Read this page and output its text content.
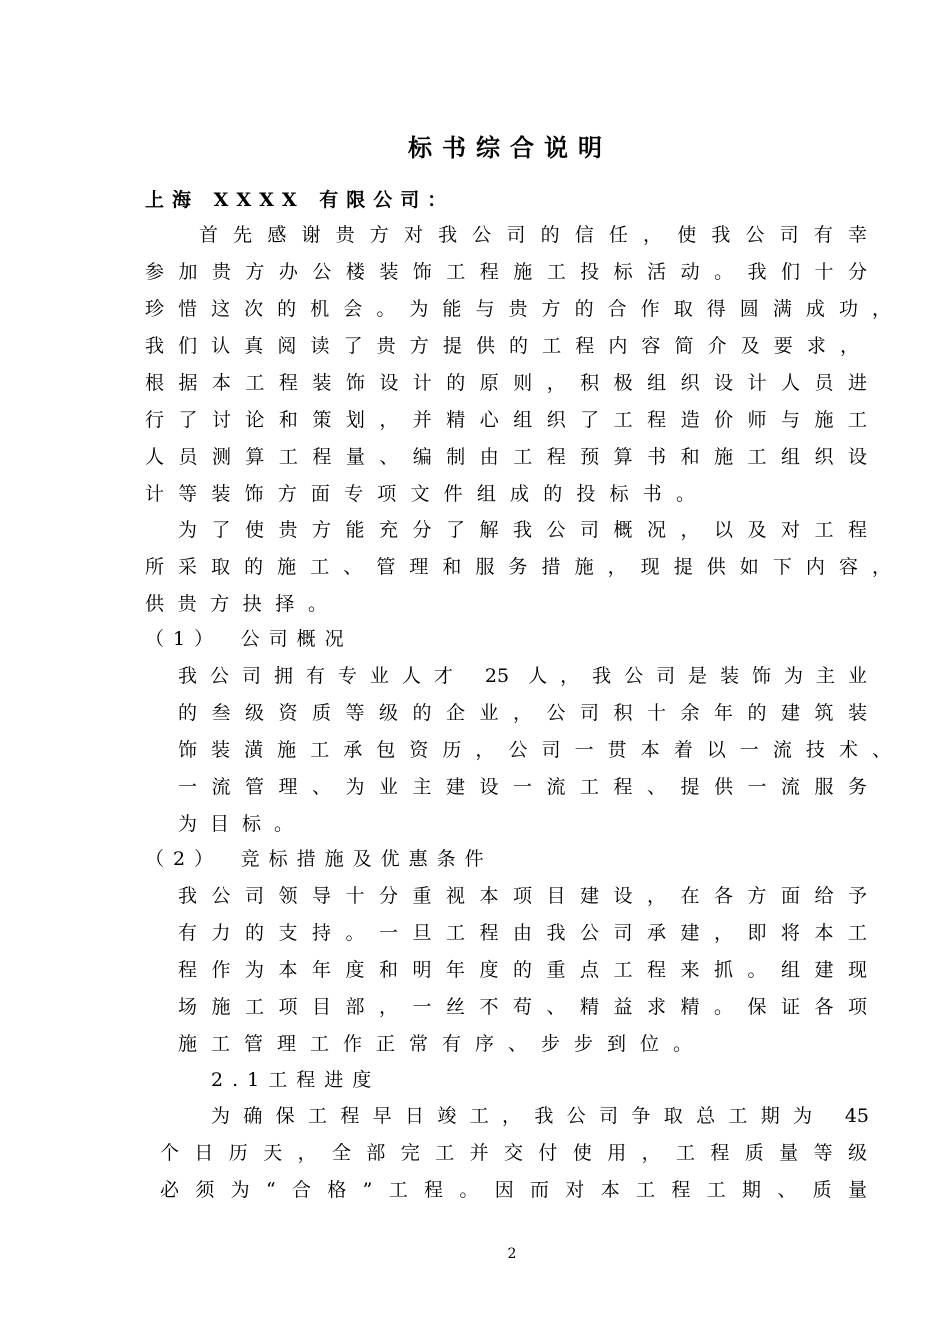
标书综合说明
上海 XXXX 有限公司：
首先感谢贵方对我公司的信任，使我公司有幸
参加贵方办公楼装饰工程施工投标活动。我们十分
珍惜这次的机会。为能与贵方的合作取得圆满成功，
我们认真阅读了贵方提供的工程内容简介及要求，
根据本工程装饰设计的原则，积极组织设计人员进
行了讨论和策划，并精心组织了工程造价师与施工
人员测算工程量、编制由工程预算书和施工组织设
计等装饰方面专项文件组成的投标书。
为了使贵方能充分了解我公司概况，以及对工程
所采取的施工、管理和服务措施，现提供如下内容，
供贵方抉择。
（1）　公司概况
我公司拥有专业人才 25 人，我公司是装饰为主业
的叁级资质等级的企业，公司积十余年的建筑装
饰装潢施工承包资历，公司一贯本着以一流技术、
一流管理、为业主建设一流工程、提供一流服务
为目标。
（2）　竞标措施及优惠条件
我公司领导十分重视本项目建设，在各方面给予
有力的支持。一旦工程由我公司承建，即将本工
程作为本年度和明年度的重点工程来抓。组建现
场施工项目部，一丝不苟、精益求精。保证各项
施工管理工作正常有序、步步到位。
2.1工程进度
为确保工程早日竣工，我公司争取总工期为 45
个日历天，全部完工并交付使用，工程质量等级
必须为“合格”工程。因而对本工程工期、质量
2
